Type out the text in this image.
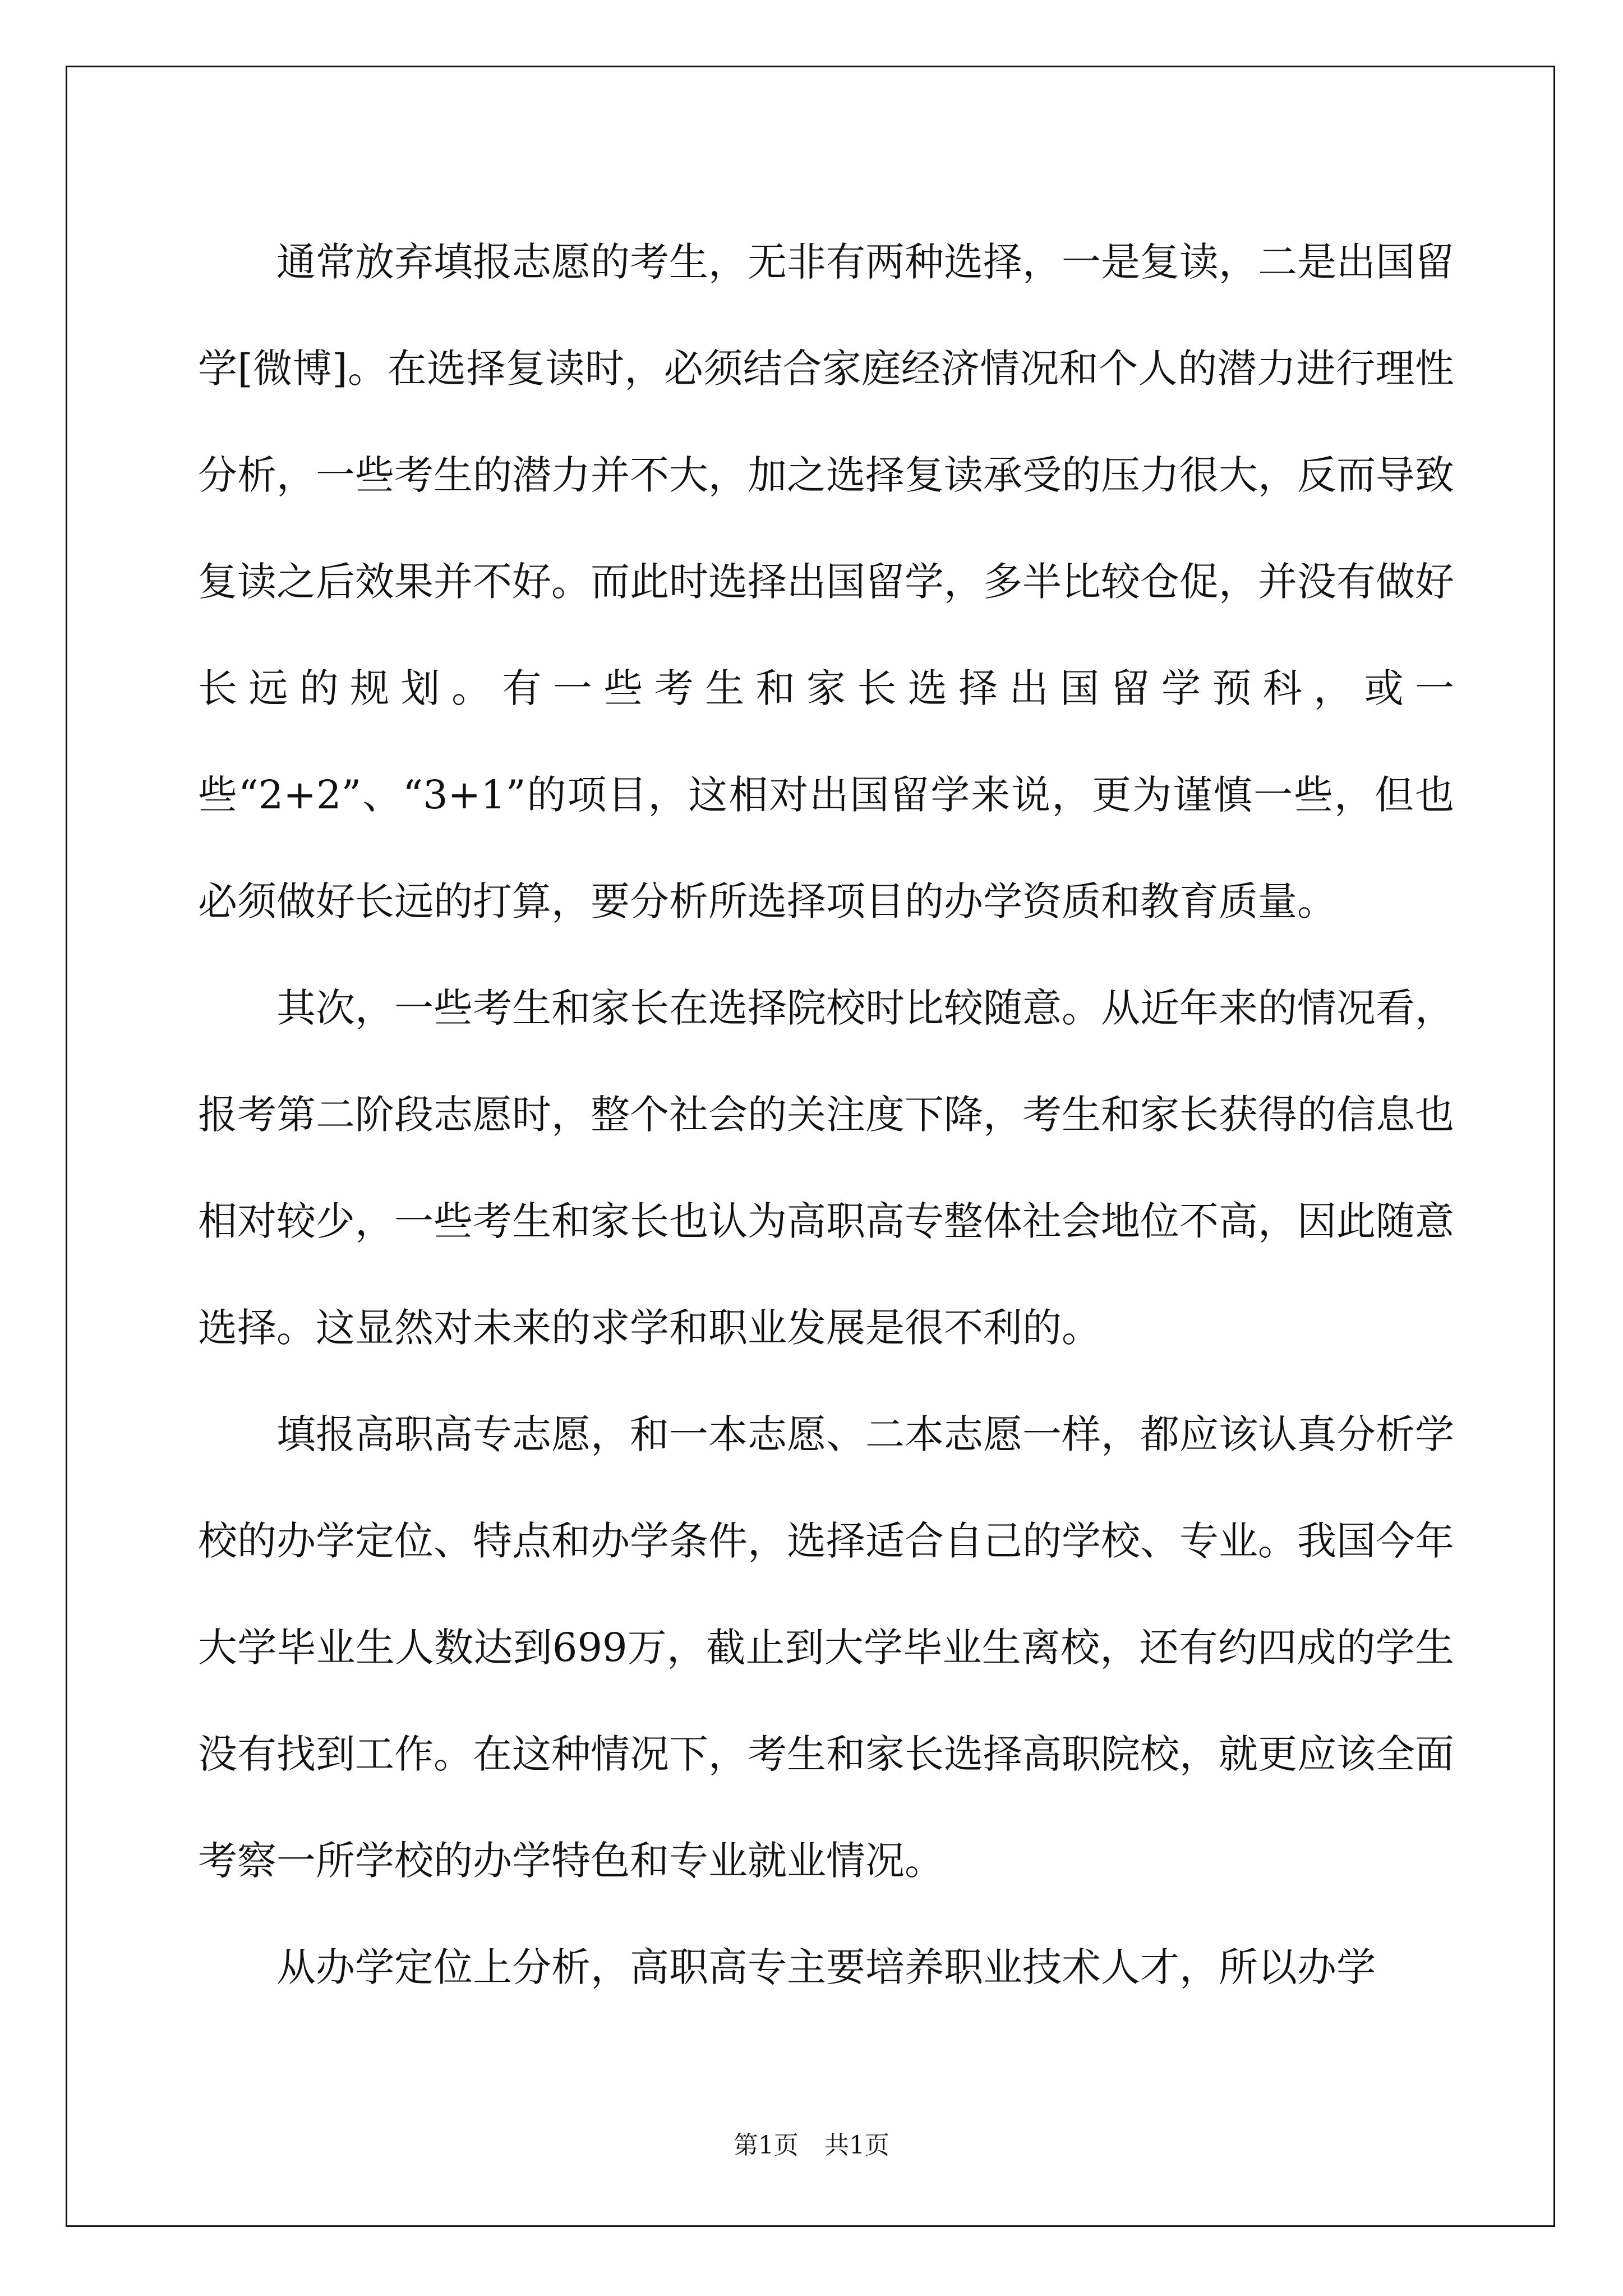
通常放弃填报志愿的考生，无非有两种选择，一是复读，二是出国留学[微博]。在选择复读时，必须结合家庭经济情况和个人的潜力进行理性分析，一些考生的潜力并不大，加之选择复读承受的压力很大，反而导致复读之后效果并不好。而此时选择出国留学，多半比较仓促，并没有做好长远的规划。有一些考生和家长选择出国留学预科，或一些“2+2”、“3+1”的项目，这相对出国留学来说，更为谨慎一些，但也必须做好长远的打算，要分析所选择项目的办学资质和教育质量。

其次，一些考生和家长在选择院校时比较随意。从近年来的情况看，报考第二阶段志愿时，整个社会的关注度下降，考生和家长获得的信息也相对较少，一些考生和家长也认为高职高专整体社会地位不高，因此随意选择。这显然对未来的求学和职业发展是很不利的。

填报高职高专志愿，和一本志愿、二本志愿一样，都应该认真分析学校的办学定位、特点和办学条件，选择适合自己的学校、专业。我国今年大学毕业生人数达到699万，截止到大学毕业生离校，还有约四成的学生没有找到工作。在这种情况下，考生和家长选择高职院校，就更应该全面考察一所学校的办学特色和专业就业情况。

从办学定位上分析，高职高专主要培养职业技术人才，所以办学

第1页 共1页
